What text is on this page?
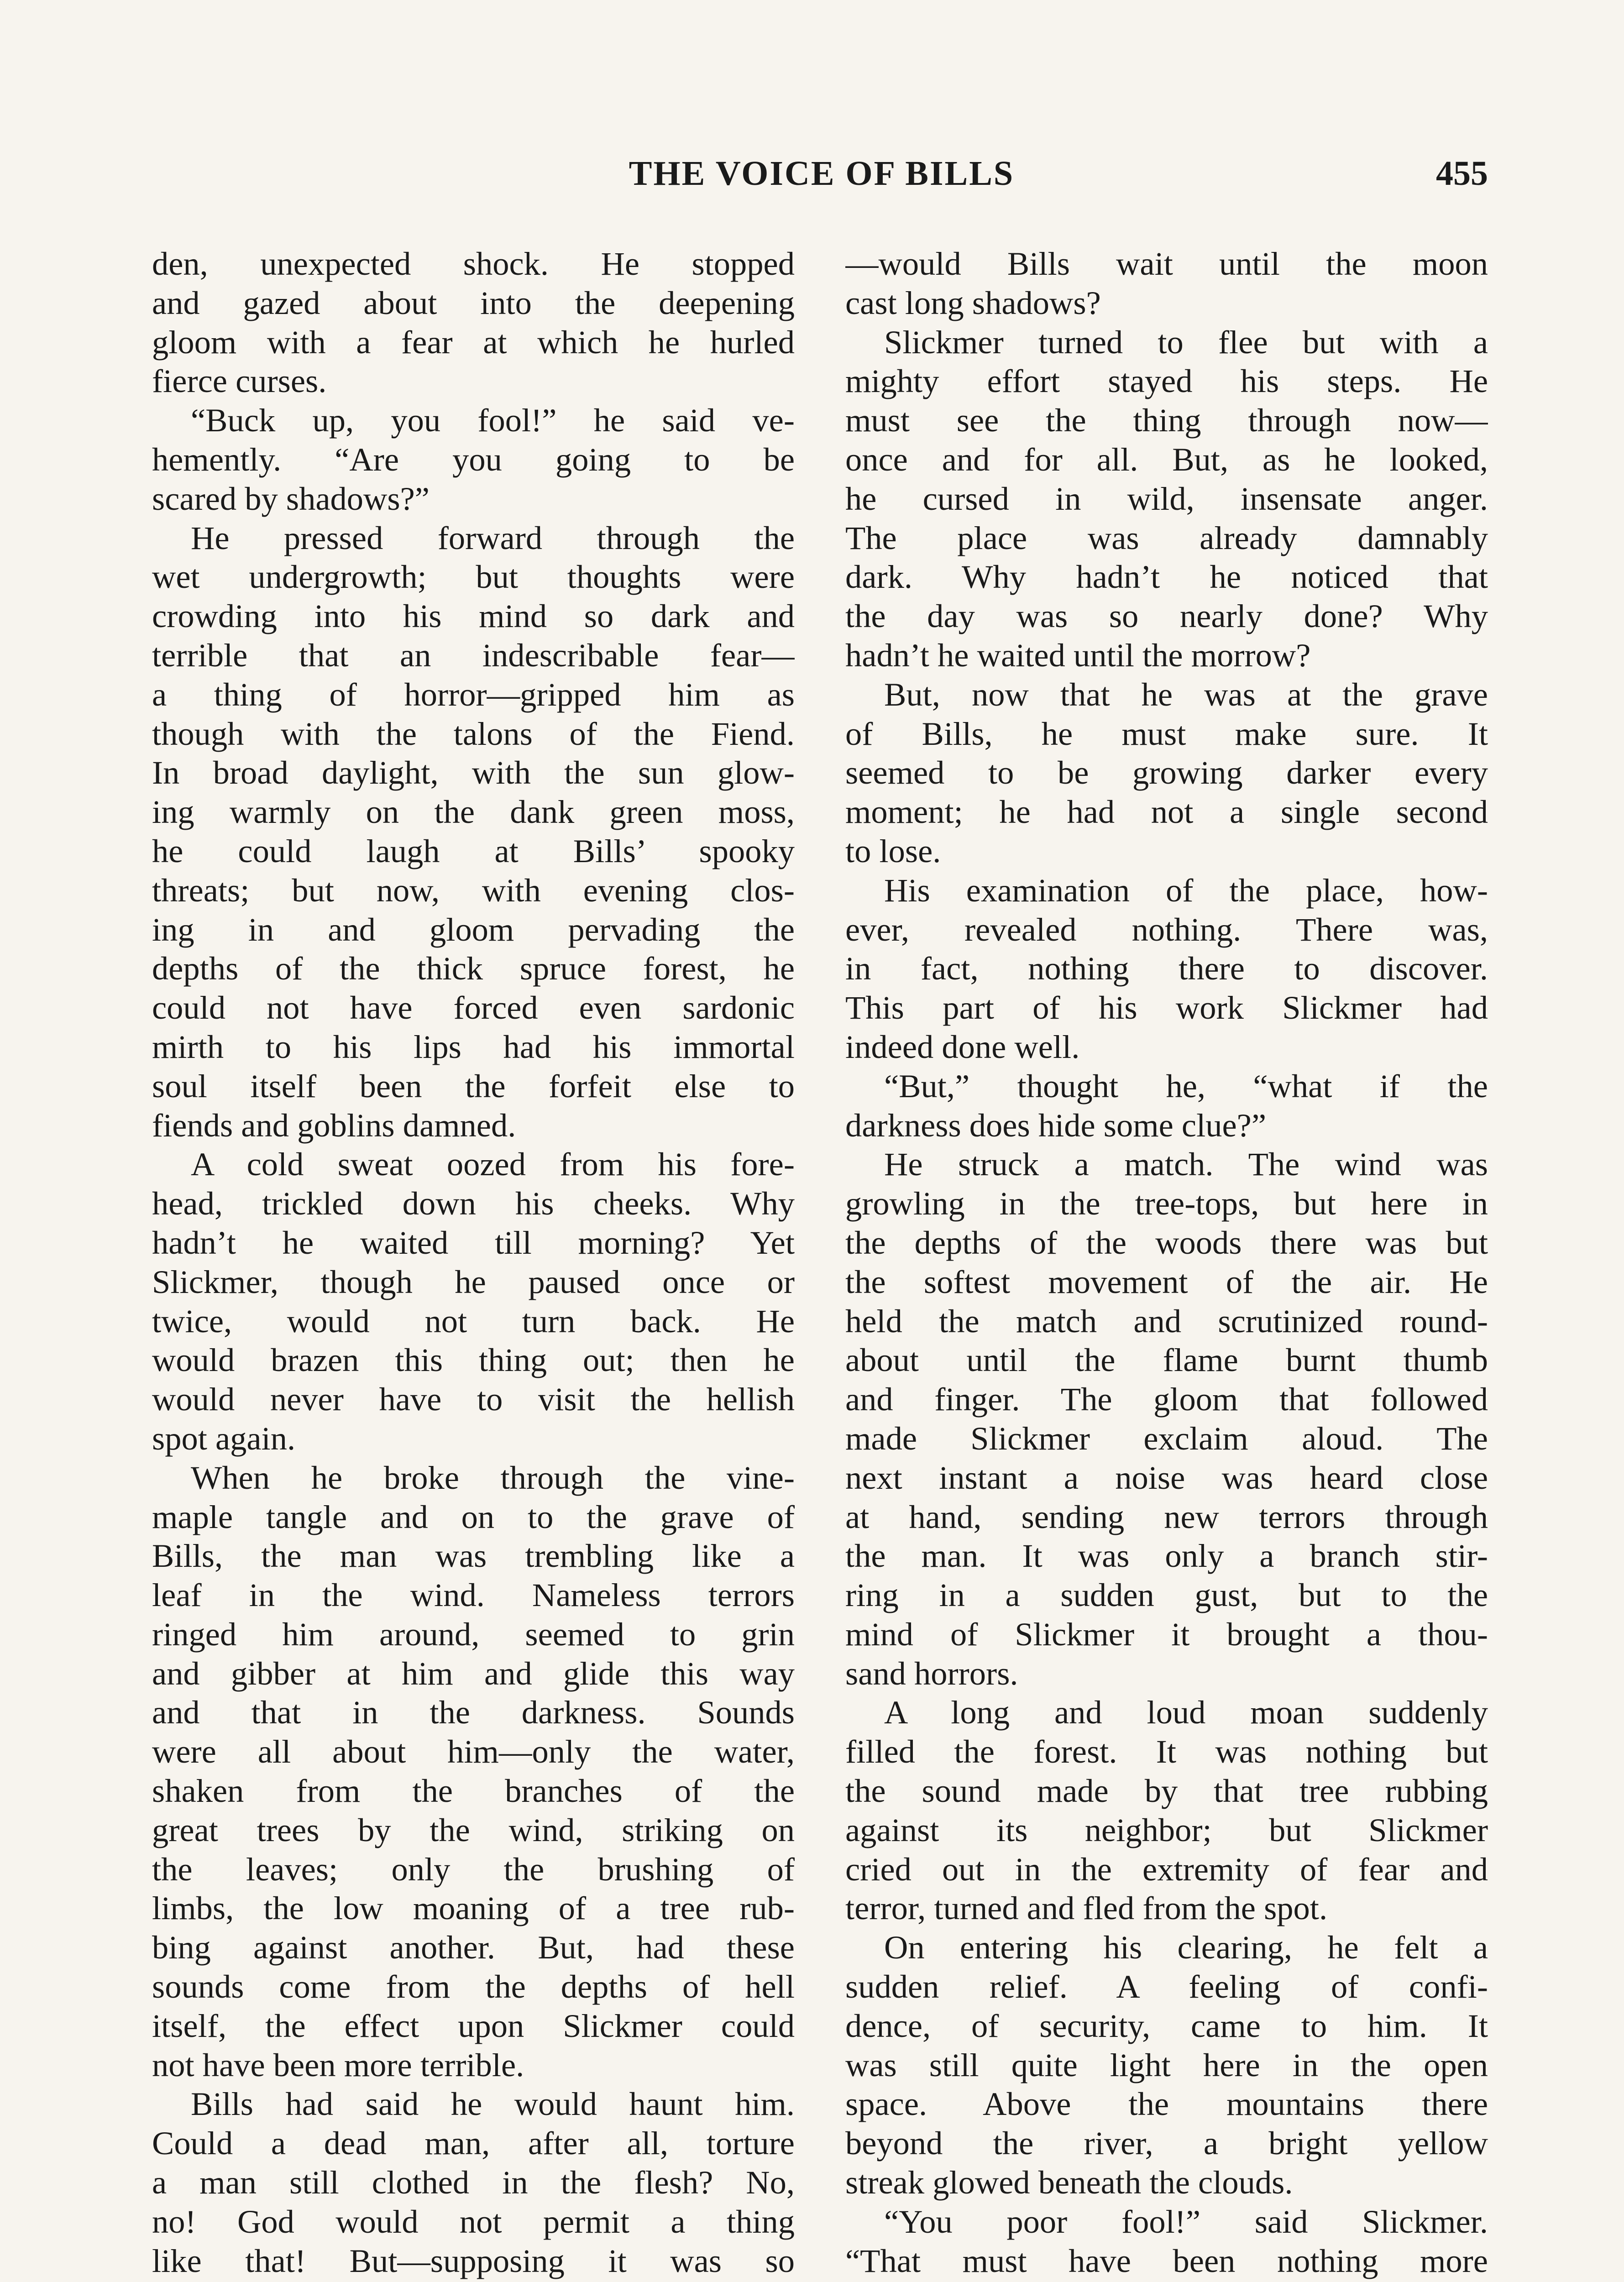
THE VOICE OF BILLS	455
den, unexpected shock. He stopped
and gazed about into the deepening
gloom with a fear at which he hurled
fierce curses.
“Buck up, you fool!” he said ve-
hemently. “Are you going to be
scared by shadows?”
He pressed forward through the
wet undergrowth; but thoughts were
crowding into his mind so dark and
terrible that an indescribable fear—
a thing of horror—gripped him as
though with the talons of the Fiend.
In broad daylight, with the sun glow-
ing warmly on the dank green moss,
he could laugh at Bills’ spooky
threats; but now, with evening clos-
ing in and gloom pervading the
depths of the thick spruce forest, he
could not have forced even sardonic
mirth to his lips had his immortal
soul itself been the forfeit else to
fiends and goblins damned.
A cold sweat oozed from his fore-
head, trickled down his cheeks. Why
hadn’t he waited till morning? Yet
Slickmer, though he paused once or
twice, would not turn back. He
would brazen this thing out; then he
would never have to visit the hellish
spot again.
When he broke through the vine-
maple tangle and on to the grave of
Bills, the man was trembling like a
leaf in the wind. Nameless terrors
ringed him around, seemed to grin
and gibber at him and glide this way
and that in the darkness. Sounds
were all about him—only the water,
shaken from the branches of the
great trees by the wind, striking on
the leaves; only the brushing of
limbs, the low moaning of a tree rub-
bing against another. But, had these
sounds come from the depths of hell
itself, the effect upon Slickmer could
not have been more terrible.
Bills had said he would haunt him.
Could a dead man, after all, torture
a man still clothed in the flesh? No,
no! God would not permit a thing
like that! But—supposing it was so
—would Bills wait until the moon
cast long shadows?
Slickmer turned to flee but with a
mighty effort stayed his steps. He
must see the thing through now—
once and for all. But, as he looked,
he cursed in wild, insensate anger.
The place was already damnably
dark. Why hadn’t he noticed that
the day was so nearly done? Why
hadn’t he waited until the morrow?
But, now that he was at the grave
of Bills, he must make sure. It
seemed to be growing darker every
moment; he had not a single second
to lose.
His examination of the place, how-
ever, revealed nothing. There was,
in fact, nothing there to discover.
This part of his work Slickmer had
indeed done well.
“But,” thought he, “what if the
darkness does hide some clue?”
He struck a match. The wind was
growling in the tree-tops, but here in
the depths of the woods there was but
the softest movement of the air. He
held the match and scrutinized round-
about until the flame burnt thumb
and finger. The gloom that followed
made Slickmer exclaim aloud. The
next instant a noise was heard close
at hand, sending new terrors through
the man. It was only a branch stir-
ring in a sudden gust, but to the
mind of Slickmer it brought a thou-
sand horrors.
A long and loud moan suddenly
filled the forest. It was nothing but
the sound made by that tree rubbing
against its neighbor; but Slickmer
cried out in the extremity of fear and
terror, turned and fled from the spot.
On entering his clearing, he felt a
sudden relief. A feeling of confi-
dence, of security, came to him. It
was still quite light here in the open
space. Above the mountains there
beyond the river, a bright yellow
streak glowed beneath the clouds.
“You poor fool!” said Slickmer.
“That must have been nothing more
